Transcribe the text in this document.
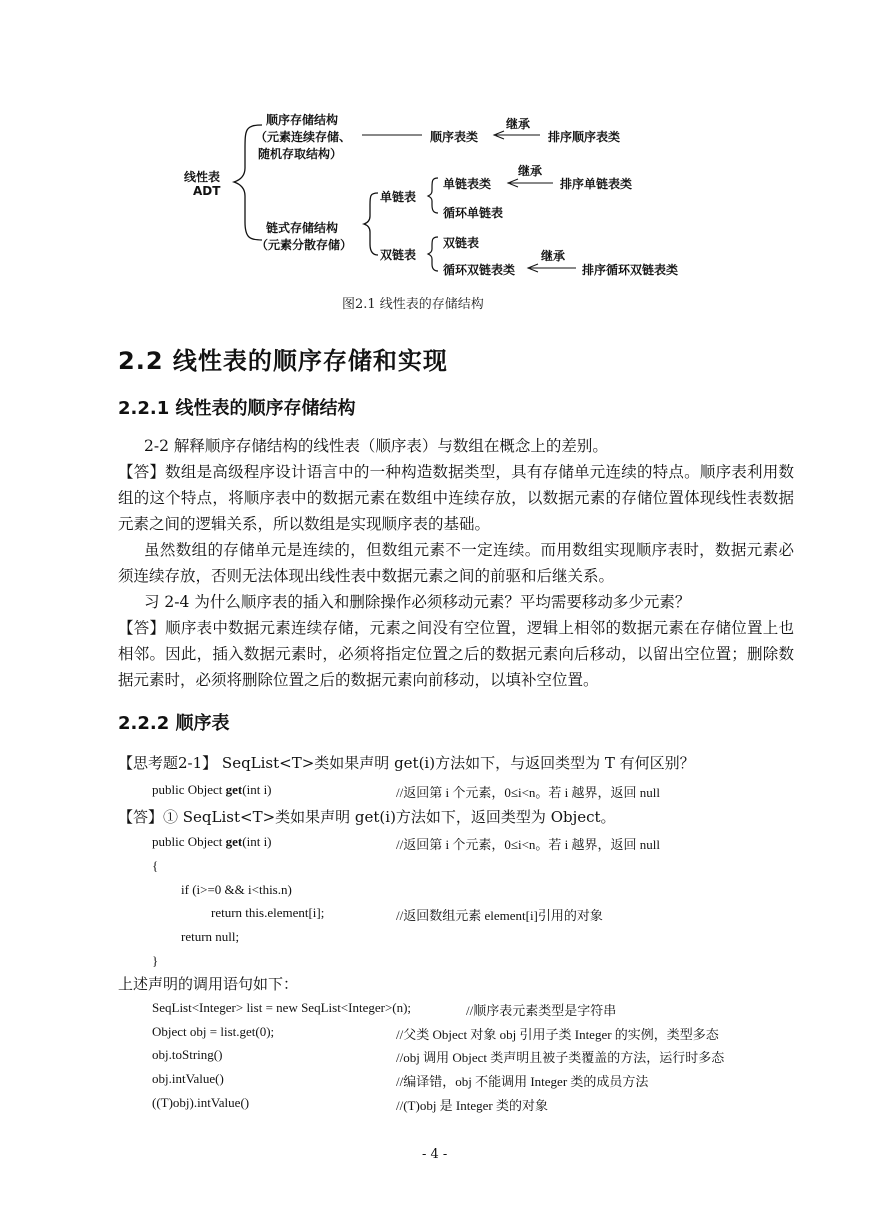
线性表
ADT
顺序存储结构
（元素连续存储、
随机存取结构）
顺序表类
继承
排序顺序表类
链式存储结构
（元素分散存储）
单链表
单链表类
继承
排序单链表类
循环单链表
双链表
双链表
循环双链表类
继承
排序循环双链表类
图2.1 线性表的存储结构
2.2 线性表的顺序存储和实现
2.2.1 线性表的顺序存储结构
2-2 解释顺序存储结构的线性表（顺序表）与数组在概念上的差别。
【答】数组是高级程序设计语言中的一种构造数据类型，具有存储单元连续的特点。顺序表利用数组的这个特点，将顺序表中的数据元素在数组中连续存放，以数据元素的存储位置体现线性表数据元素之间的逻辑关系，所以数组是实现顺序表的基础。
虽然数组的存储单元是连续的，但数组元素不一定连续。而用数组实现顺序表时，数据元素必须连续存放，否则无法体现出线性表中数据元素之间的前驱和后继关系。
习 2-4 为什么顺序表的插入和删除操作必须移动元素？平均需要移动多少元素？
【答】顺序表中数据元素连续存储，元素之间没有空位置，逻辑上相邻的数据元素在存储位置上也相邻。因此，插入数据元素时，必须将指定位置之后的数据元素向后移动，以留出空位置；删除数据元素时，必须将删除位置之后的数据元素向前移动，以填补空位置。
2.2.2 顺序表
【思考题2-1】 SeqList<T>类如果声明 get(i)方法如下，与返回类型为 T 有何区别？
public Object get(int i)	//返回第 i 个元素，0≤i<n。若 i 越界，返回 null
【答】① SeqList<T>类如果声明 get(i)方法如下，返回类型为 Object。
public Object get(int i)	//返回第 i 个元素，0≤i<n。若 i 越界，返回 null
{
if (i>=0 && i<this.n)
return this.element[i];	//返回数组元素 element[i]引用的对象
return null;
}
上述声明的调用语句如下：
SeqList<Integer> list = new SeqList<Integer>(n);	//顺序表元素类型是字符串
Object obj = list.get(0);	//父类 Object 对象 obj 引用子类 Integer 的实例，类型多态
obj.toString()	//obj 调用 Object 类声明且被子类覆盖的方法，运行时多态
obj.intValue()	//编译错，obj 不能调用 Integer 类的成员方法
((T)obj).intValue()	//(T)obj 是 Integer 类的对象
- 4 -
